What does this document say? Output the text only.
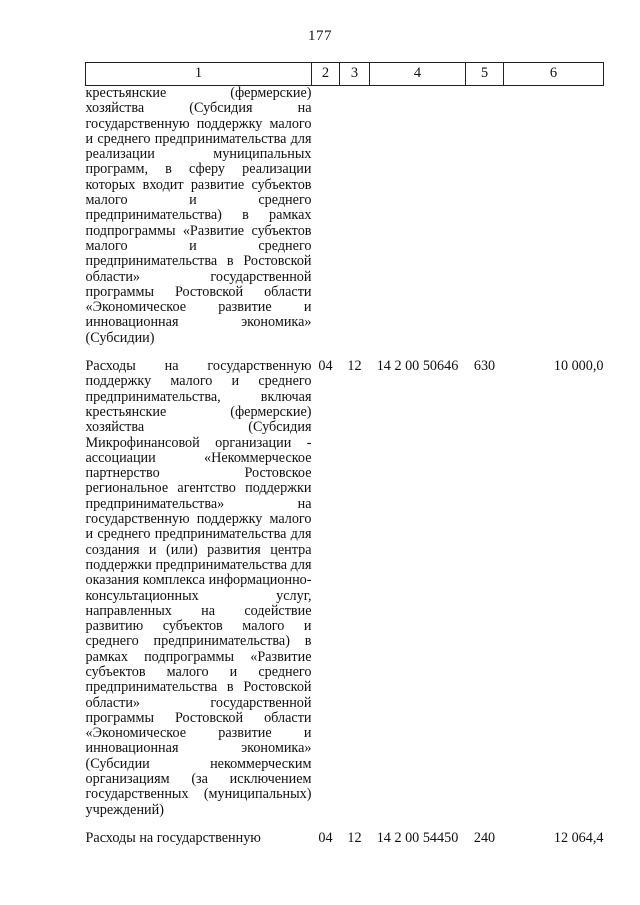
177
1	2	3	4	5	6
крестьянские (фермерские) хозяйства (Субсидия на государственную поддержку малого и среднего предпринимательства для реализации муниципальных программ, в сферу реализации которых входит развитие субъектов малого и среднего предпринимательства) в рамках подпрограммы «Развитие субъектов малого и среднего предпринимательства в Ростовской области» государственной программы Ростовской области «Экономическое развитие и инновационная экономика» (Субсидии)					

Расходы на государственную поддержку малого и среднего предпринимательства, включая крестьянские (фермерские) хозяйства (Субсидия Микрофинансовой организации - ассоциации «Некоммерческое партнерство Ростовское региональное агентство поддержки предпринимательства» на государственную поддержку малого и среднего предпринимательства для создания и (или) развития центра поддержки предпринимательства для оказания комплекса информационно-консультационных услуг, направленных на содействие развитию субъектов малого и среднего предпринимательства) в рамках подпрограммы «Развитие субъектов малого и среднего предпринимательства в Ростовской области» государственной программы Ростовской области «Экономическое развитие и инновационная экономика» (Субсидии некоммерческим организациям (за исключением государственных (муниципальных) учреждений)	04	12	14 2 00 50646	630	10 000,0

Расходы на государственную	04	12	14 2 00 54450	240	12 064,4
